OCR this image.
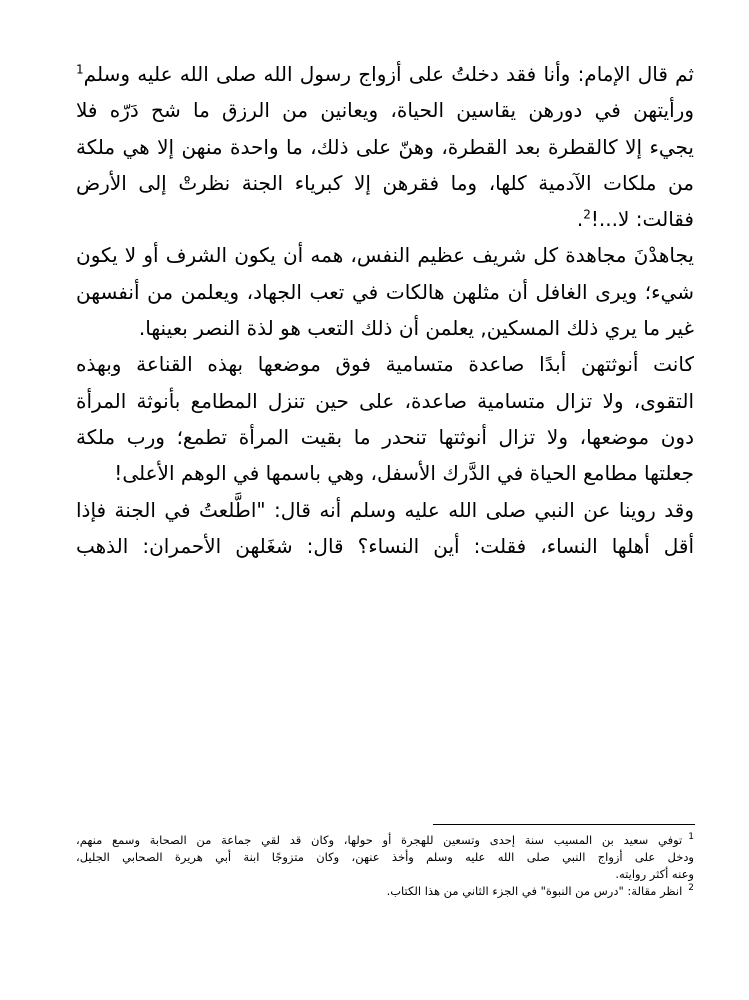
ثم قال الإمام: وأنا فقد دخلتُ على أزواج رسول الله صلى الله عليه وسلم$^1$
ورأيتهن في دورهن يقاسين الحياة، ويعانين من الرزق ما شح دَرّه فلا
يجيء إلا كالقطرة بعد القطرة، وهنّ على ذلك، ما واحدة منهن إلا هي ملكة
من ملكات الآدمية كلها، وما فقرهن إلا كبرياء الجنة نظرتْ إلى الأرض
فقالت: لا...!$^2$.
يجاهدْنَ مجاهدة كل شريف عظيم النفس، همه أن يكون الشرف أو لا يكون
شيء؛ ويرى الغافل أن مثلهن هالكات في تعب الجهاد، ويعلمن من أنفسهن
غير ما يري ذلك المسكين, يعلمن أن ذلك التعب هو لذة النصر بعينها.
كانت أنوثتهن أبدًا صاعدة متسامية فوق موضعها بهذه القناعة وبهذه
التقوى، ولا تزال متسامية صاعدة، على حين تنزل المطامع بأنوثة المرأة
دون موضعها، ولا تزال أنوثتها تنحدر ما بقيت المرأة تطمع؛ ورب ملكة
جعلتها مطامع الحياة في الدَّرك الأسفل، وهي باسمها في الوهم الأعلى!
وقد روينا عن النبي صلى الله عليه وسلم أنه قال: "اطَّلعتُ في الجنة فإذا
أقل أهلها النساء، فقلت: أين النساء؟ قال: شغَلهن الأحمران: الذهب
$^1$توفي سعيد بن المسيب سنة إحدى وتسعين للهجرة أو حولها، وكان قد لقي جماعة من الصحابة وسمع منهم،
ودخل على أزواج النبي صلى الله عليه وسلم وأخذ عنهن، وكان متزوجًا ابنة أبي هريرة الصحابي الجليل،
وعنه أكثر روايته.
$^2$انظر مقالة: "درس من النبوة" في الجزء الثاني من هذا الكتاب.
